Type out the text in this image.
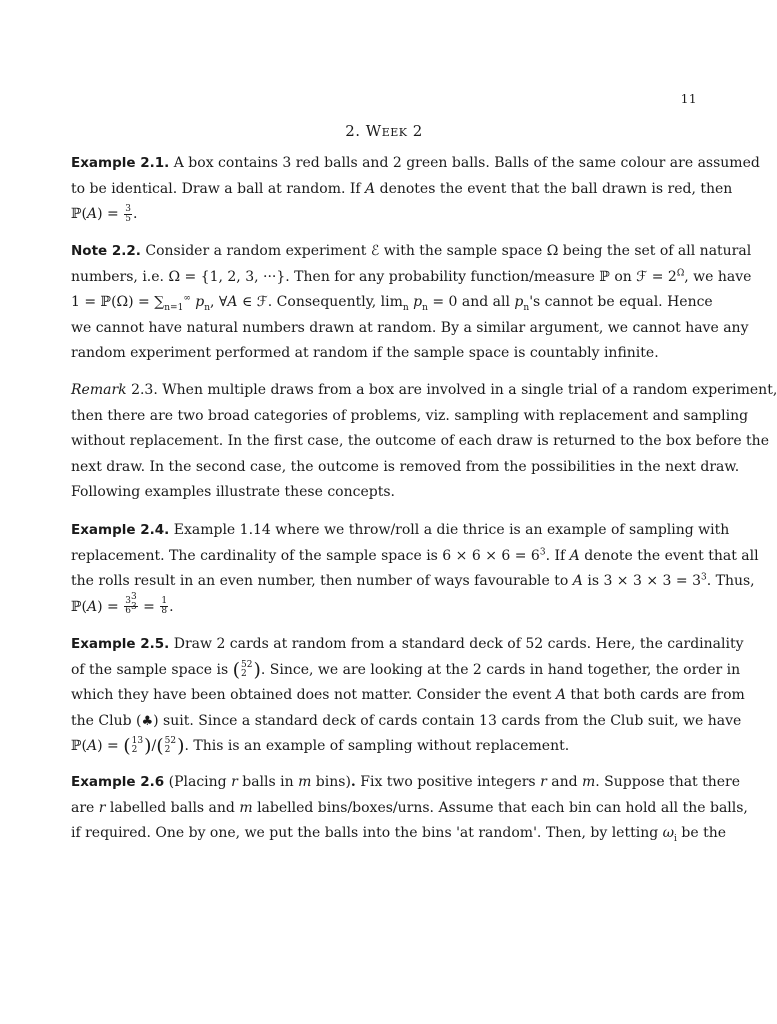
11
2. Week 2
Example 2.1. A box contains 3 red balls and 2 green balls. Balls of the same colour are assumed
to be identical. Draw a ball at random. If A denotes the event that the ball drawn is red, then
ℙ(A) = $\frac{3}{5}$ .
Note 2.2. Consider a random experiment ℰ with the sample space Ω being the set of all natural
numbers, i.e. Ω = {1, 2, 3, ···}. Then for any probability function/measure ℙ on ℱ = $2^\Omega$, we have
1 = ℙ(Ω) = $\sum_{n=1}^\infty$ $p_n$, ∀A ∈ ℱ. Consequently, $\lim_n p_n = 0$ and all $p_n's$ cannot be equal. Hence
we cannot have natural numbers drawn at random. By a similar argument, we cannot have any
random experiment performed at random if the sample space is countably infinite.
Remark 2.3. When multiple draws from a box are involved in a single trial of a random experiment,
then there are two broad categories of problems, viz. sampling with replacement and sampling
without replacement. In the first case, the outcome of each draw is returned to the box before the
next draw. In the second case, the outcome is removed from the possibilities in the next draw.
Following examples illustrate these concepts.
Example 2.4. Example 1.14 where we throw/roll a die thrice is an example of sampling with
replacement. The cardinality of the sample space is $6 \times 6 \times 6 = 6^3$. If A denote the event that all
the rolls result in an even number, then number of ways favourable to A is $3 \times 3 \times 3 = 3^3$. Thus,
ℙ(A) = $\frac{3^3}{6^3} = \frac{1}{8}$ .
Example 2.5. Draw 2 cards at random from a standard deck of 52 cards. Here, the cardinality
of the sample space is ( 52
2 ). Since, we are looking at the 2 cards in hand together, the order in
which they have been obtained does not matter. Consider the event A that both cards are from
the Club (♣) suit. Since a standard deck of cards contain 13 cards from the Club suit, we have
ℙ(A) = ( 13
2 )/( 52
2 ). This is an example of sampling without replacement.
Example 2.6 (Placing r balls in m bins). Fix two positive integers r and m. Suppose that there
are r labelled balls and m labelled bins/boxes/urns. Assume that each bin can hold all the balls,
if required. One by one, we put the balls into the bins 'at random'. Then, by letting $\omega_i$ be the
